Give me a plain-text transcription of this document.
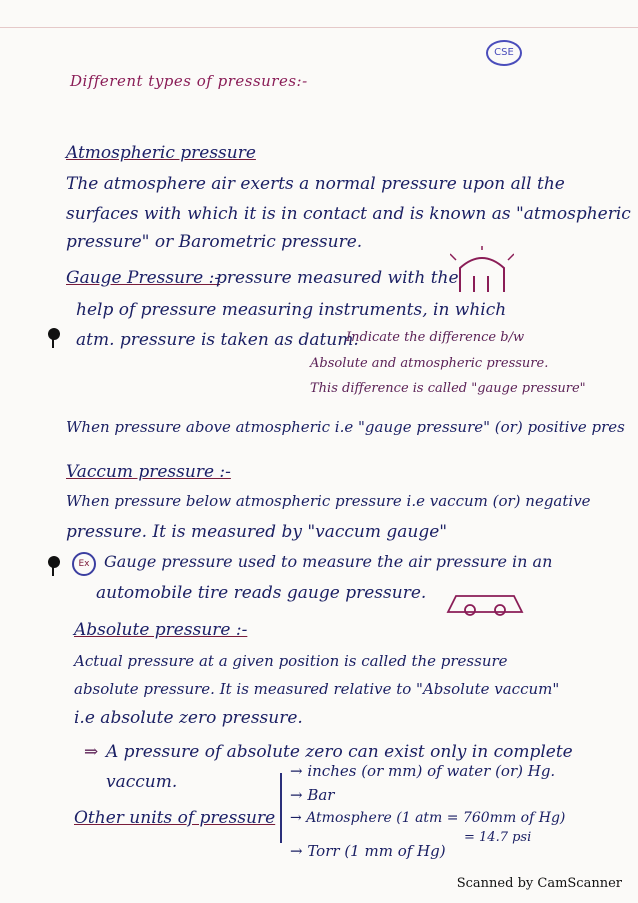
CSE
Different types of pressures:-
Atmospheric pressure
The atmosphere air exerts a normal pressure upon all the
surfaces with which it is in contact and is known as "atmospheric
pressure" or Barometric pressure.
Gauge Pressure :-
pressure measured with the
help of pressure measuring instruments, in which
atm. pressure is taken as datum.
Indicate the difference b/w
Absolute and atmospheric pressure.
This difference is called "gauge pressure"
When pressure above atmospheric i.e "gauge pressure" (or) positive pres
Vaccum pressure :-
When pressure below atmospheric pressure i.e vaccum (or) negative
pressure. It is measured by "vaccum gauge"
Ex Gauge pressure used to measure the air pressure in an
automobile tire reads gauge pressure.
Absolute pressure :-
Actual pressure at a given position is called the pressure
absolute pressure. It is measured relative to "Absolute vaccum"
i.e absolute zero pressure.
⇒ A pressure of absolute zero can exist only in complete
vaccum.
Other units of pressure
→ inches (or mm) of water (or) Hg.
→ Bar
→ Atmosphere (1 atm = 760mm of Hg)
= 14.7 psi
→ Torr (1 mm of Hg)
Scanned by CamScanner
